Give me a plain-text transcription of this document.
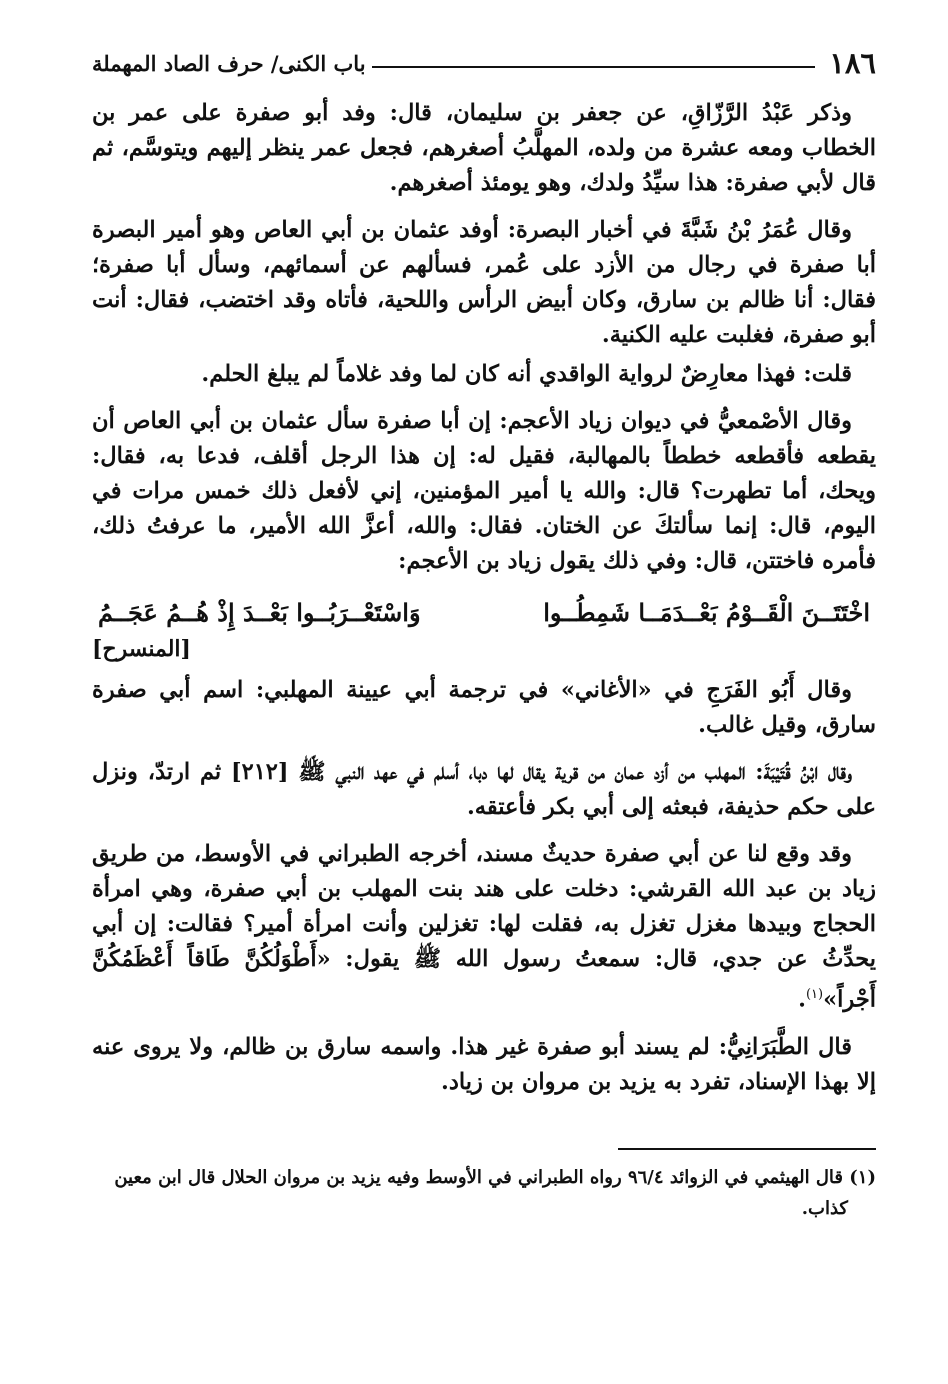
١٨٦
باب الكنى/ حرف الصاد المهملة

وذكر عَبْدُ الرَّزّاقِ، عن جعفر بن سليمان، قال: وفد أبو صفرة على عمر بن الخطاب ومعه عشرة من ولده، المهلَّبُ أصغرهم، فجعل عمر ينظر إليهم ويتوسَّم، ثم قال لأبي صفرة: هذا سيِّدُ ولدك، وهو يومئذ أصغرهم.

وقال عُمَرُ بْنُ شَبَّةَ في أخبار البصرة: أوفد عثمان بن أبي العاص وهو أمير البصرة أبا صفرة في رجال من الأزد على عُمر، فسألهم عن أسمائهم، وسأل أبا صفرة؛ فقال: أنا ظالم بن سارق، وكان أبيض الرأس واللحية، فأتاه وقد اختضب، فقال: أنت أبو صفرة، فغلبت عليه الكنية.

قلت: فهذا معارِضٌ لرواية الواقدي أنه كان لما وفد غلاماً لم يبلغ الحلم.

وقال الأصْمعيُّ في ديوان زياد الأعجم: إن أبا صفرة سأل عثمان بن أبي العاص أن يقطعه فأقطعه خططاً بالمهالبة، فقيل له: إن هذا الرجل أقلف، فدعا به، فقال: ويحك، أما تطهرت؟ قال: والله يا أمير المؤمنين، إني لأفعل ذلك خمس مرات في اليوم، قال: إنما سألتكَ عن الختان. فقال: والله، أعزَّ الله الأمير، ما عرفتُ ذلك، فأمره فاختتن، قال: وفي ذلك يقول زياد بن الأعجم:

اخْتَتَــنَ الْقَــوْمُ بَعْــدَمَــا شَمِطُــوا
وَاسْتَعْــرَبُــوا بَعْــدَ إِذْ هُــمُ عَجَــمُ
[المنسرح]

وقال أَبُو الفَرَجِ في «الأغاني» في ترجمة أبي عيينة المهلبي: اسم أبي صفرة سارق، وقيل غالب.

وقال ابْنُ قُتَيْبَةَ: المهلب من أزد عمان من قرية يقال لها دبا، أسلم في عهد النبي ﷺ [٢١٢] ثم ارتدّ، ونزل على حكم حذيفة، فبعثه إلى أبي بكر فأعتقه.

وقد وقع لنا عن أبي صفرة حديثٌ مسند، أخرجه الطبراني في الأوسط، من طريق زياد بن عبد الله القرشي: دخلت على هند بنت المهلب بن أبي صفرة، وهي امرأة الحجاج وبيدها مغزل تغزل به، فقلت لها: تغزلين وأنت امرأة أمير؟ فقالت: إن أبي يحدِّثُ عن جدي، قال: سمعتُ رسول الله ﷺ يقول: «أَطْوَلُكُنَّ طَاقاً أَعْظَمُكُنَّ أَجْراً»$^{(١)}$.

قال الطَّبَرَانِيُّ: لم يسند أبو صفرة غير هذا. واسمه سارق بن ظالم، ولا يروى عنه إلا بهذا الإسناد، تفرد به يزيد بن مروان بن زياد.

(١) قال الهيثمي في الزوائد ٩٦/٤ رواه الطبراني في الأوسط وفيه يزيد بن مروان الحلال قال ابن معين
كذاب.
